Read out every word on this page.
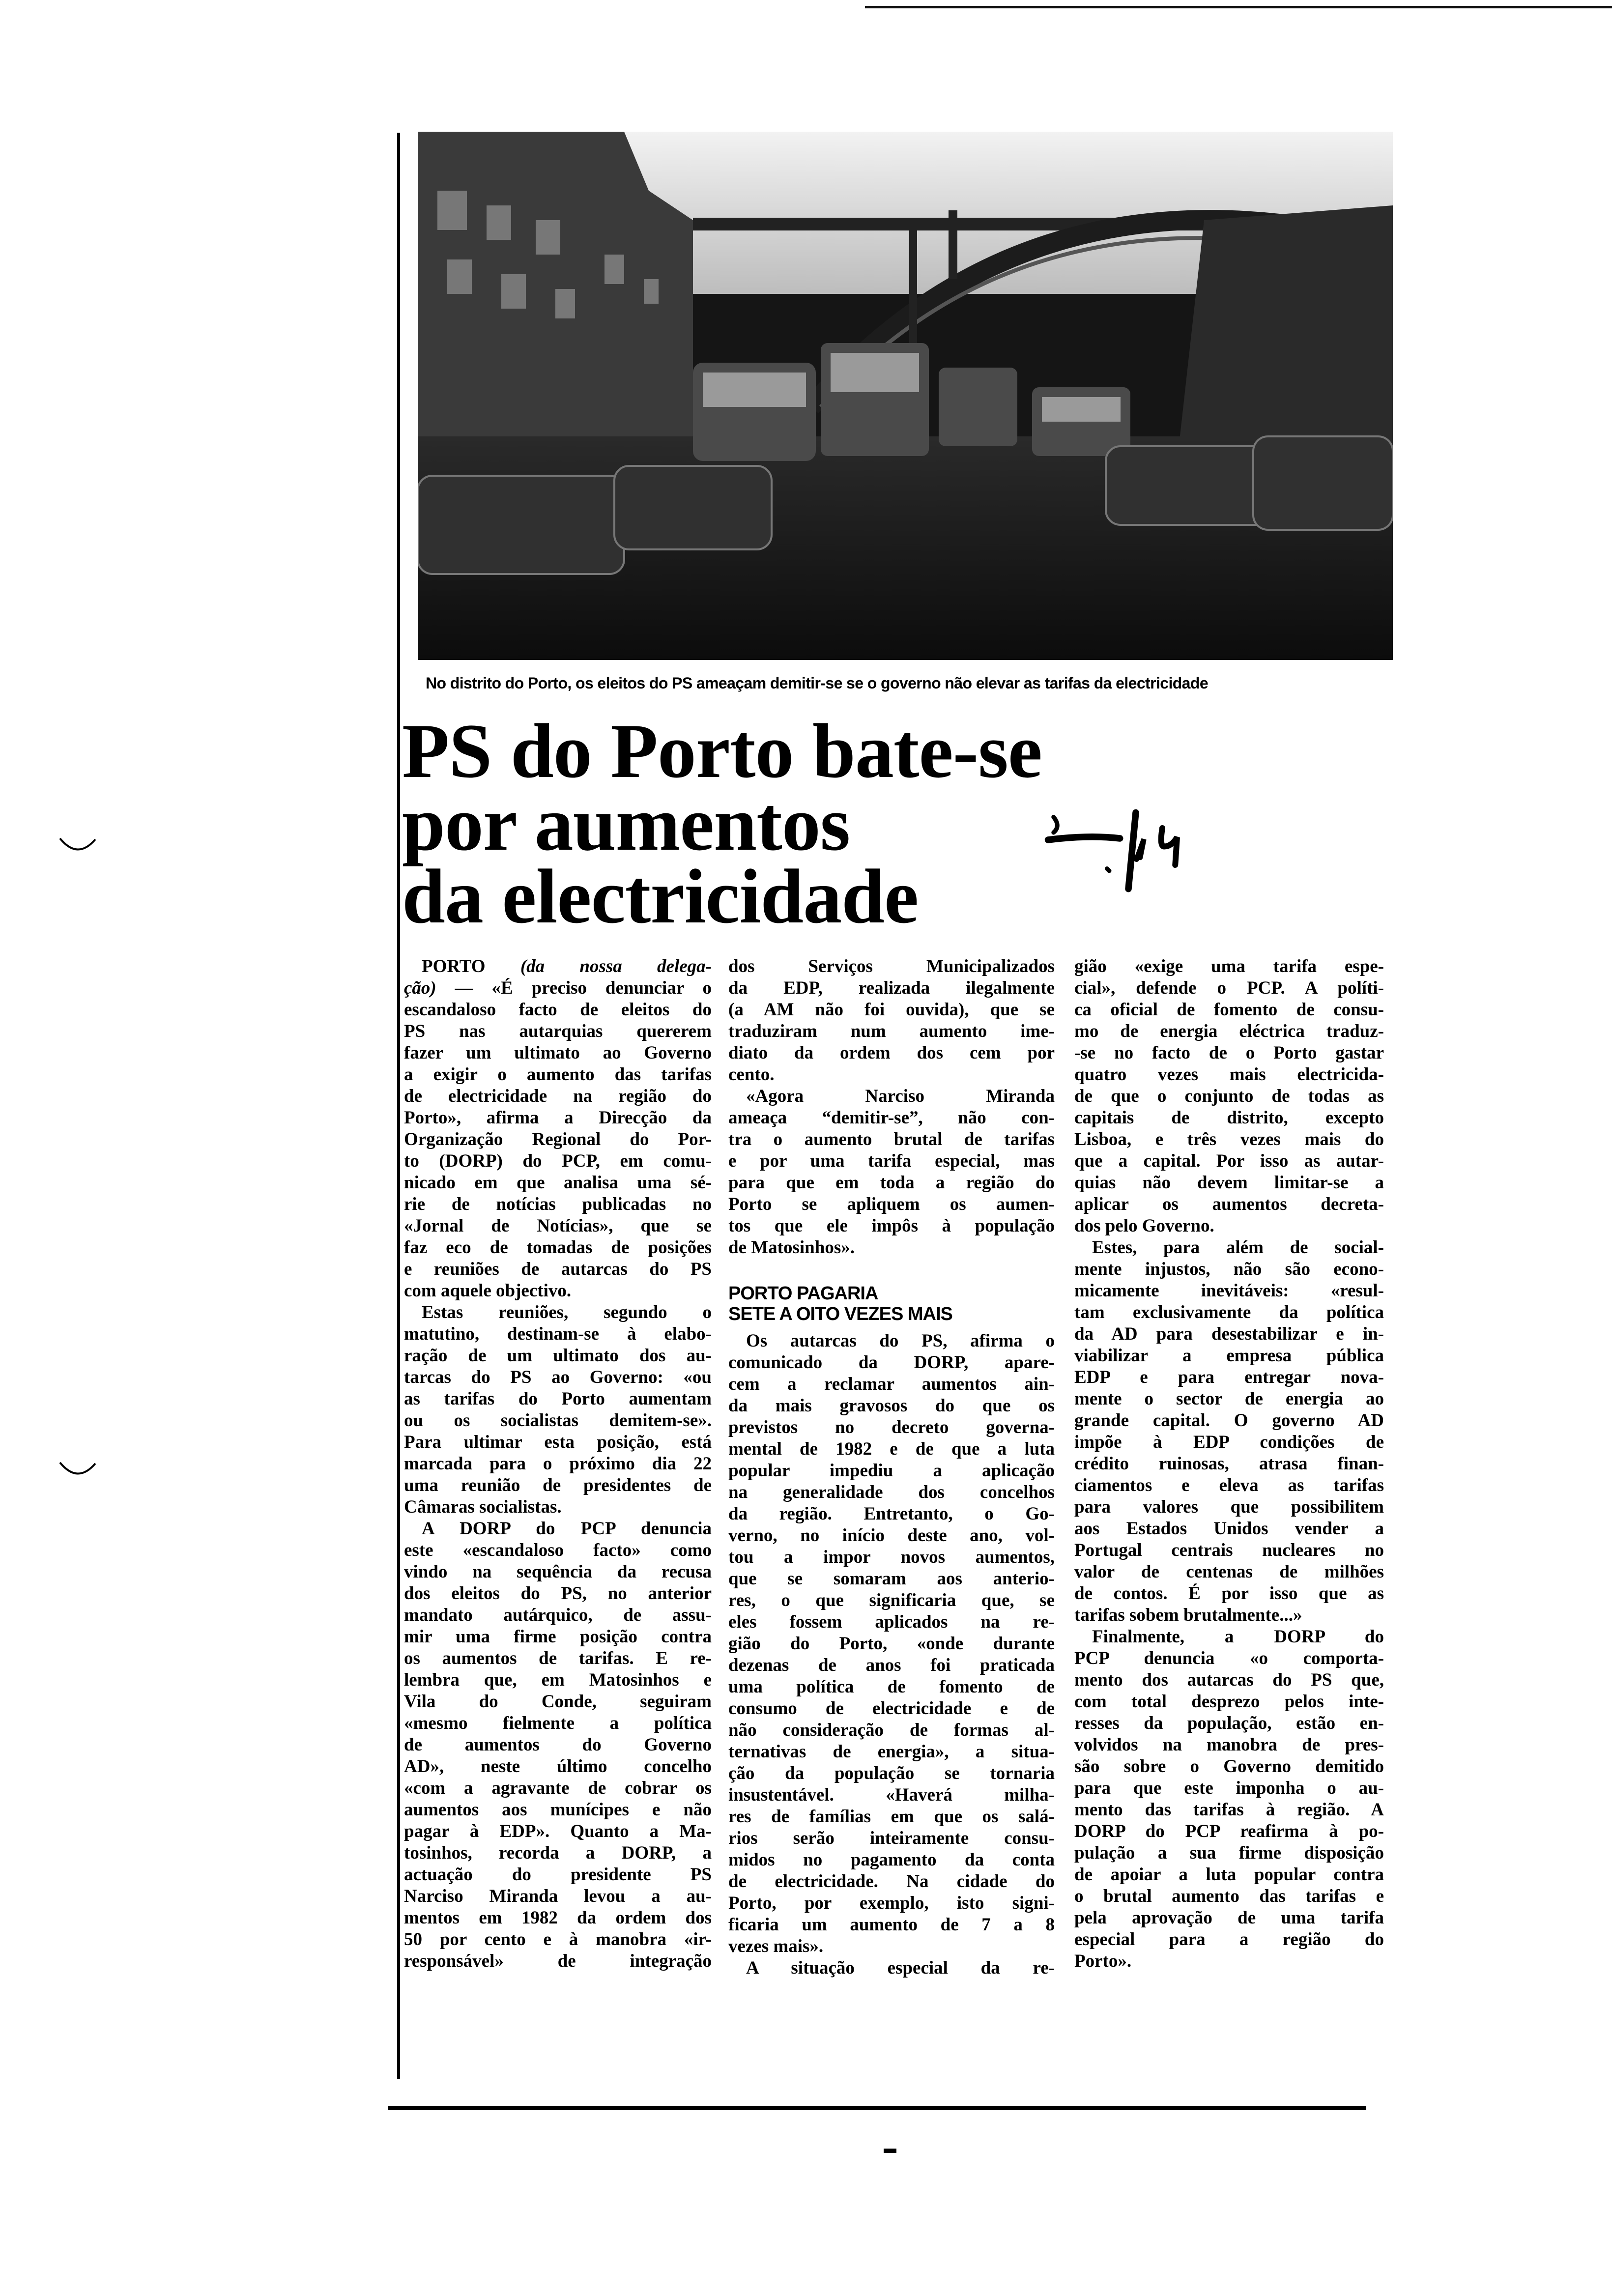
No distrito do Porto, os eleitos do PS ameaçam demitir-se se o governo não elevar as tarifas da electricidade
PS do Porto bate-se
por aumentos
da electricidade
PORTO (da nossa delega-
ção) — «É preciso denunciar o
escandaloso facto de eleitos do
PS nas autarquias quererem
fazer um ultimato ao Governo
a exigir o aumento das tarifas
de electricidade na região do
Porto», afirma a Direcção da
Organização Regional do Por-
to (DORP) do PCP, em comu-
nicado em que analisa uma sé-
rie de notícias publicadas no
«Jornal de Notícias», que se
faz eco de tomadas de posições
e reuniões de autarcas do PS
com aquele objectivo.
Estas reuniões, segundo o
matutino, destinam-se à elabo-
ração de um ultimato dos au-
tarcas do PS ao Governo: «ou
as tarifas do Porto aumentam
ou os socialistas demitem-se».
Para ultimar esta posição, está
marcada para o próximo dia 22
uma reunião de presidentes de
Câmaras socialistas.
A DORP do PCP denuncia
este «escandaloso facto» como
vindo na sequência da recusa
dos eleitos do PS, no anterior
mandato autárquico, de assu-
mir uma firme posição contra
os aumentos de tarifas. E re-
lembra que, em Matosinhos e
Vila do Conde, seguiram
«mesmo fielmente a política
de aumentos do Governo
AD», neste último concelho
«com a agravante de cobrar os
aumentos aos munícipes e não
pagar à EDP». Quanto a Ma-
tosinhos, recorda a DORP, a
actuação do presidente PS
Narciso Miranda levou a au-
mentos em 1982 da ordem dos
50 por cento e à manobra «ir-
responsável» de integração
dos Serviços Municipalizados
da EDP, realizada ilegalmente
(a AM não foi ouvida), que se
traduziram num aumento ime-
diato da ordem dos cem por
cento.
«Agora Narciso Miranda
ameaça “demitir-se”, não con-
tra o aumento brutal de tarifas
e por uma tarifa especial, mas
para que em toda a região do
Porto se apliquem os aumen-
tos que ele impôs à população
de Matosinhos».
PORTO PAGARIA
SETE A OITO VEZES MAIS
Os autarcas do PS, afirma o
comunicado da DORP, apare-
cem a reclamar aumentos ain-
da mais gravosos do que os
previstos no decreto governa-
mental de 1982 e de que a luta
popular impediu a aplicação
na generalidade dos concelhos
da região. Entretanto, o Go-
verno, no início deste ano, vol-
tou a impor novos aumentos,
que se somaram aos anterio-
res, o que significaria que, se
eles fossem aplicados na re-
gião do Porto, «onde durante
dezenas de anos foi praticada
uma política de fomento de
consumo de electricidade e de
não consideração de formas al-
ternativas de energia», a situa-
ção da população se tornaria
insustentável. «Haverá milha-
res de famílias em que os salá-
rios serão inteiramente consu-
midos no pagamento da conta
de electricidade. Na cidade do
Porto, por exemplo, isto signi-
ficaria um aumento de 7 a 8
vezes mais».
A situação especial da re-
gião «exige uma tarifa espe-
cial», defende o PCP. A políti-
ca oficial de fomento de consu-
mo de energia eléctrica traduz-
-se no facto de o Porto gastar
quatro vezes mais electricida-
de que o conjunto de todas as
capitais de distrito, excepto
Lisboa, e três vezes mais do
que a capital. Por isso as autar-
quias não devem limitar-se a
aplicar os aumentos decreta-
dos pelo Governo.
Estes, para além de social-
mente injustos, não são econo-
micamente inevitáveis: «resul-
tam exclusivamente da política
da AD para desestabilizar e in-
viabilizar a empresa pública
EDP e para entregar nova-
mente o sector de energia ao
grande capital. O governo AD
impõe à EDP condições de
crédito ruinosas, atrasa finan-
ciamentos e eleva as tarifas
para valores que possibilitem
aos Estados Unidos vender a
Portugal centrais nucleares no
valor de centenas de milhões
de contos. É por isso que as
tarifas sobem brutalmente...»
Finalmente, a DORP do
PCP denuncia «o comporta-
mento dos autarcas do PS que,
com total desprezo pelos inte-
resses da população, estão en-
volvidos na manobra de pres-
são sobre o Governo demitido
para que este imponha o au-
mento das tarifas à região. A
DORP do PCP reafirma à po-
pulação a sua firme disposição
de apoiar a luta popular contra
o brutal aumento das tarifas e
pela aprovação de uma tarifa
especial para a região do
Porto».
